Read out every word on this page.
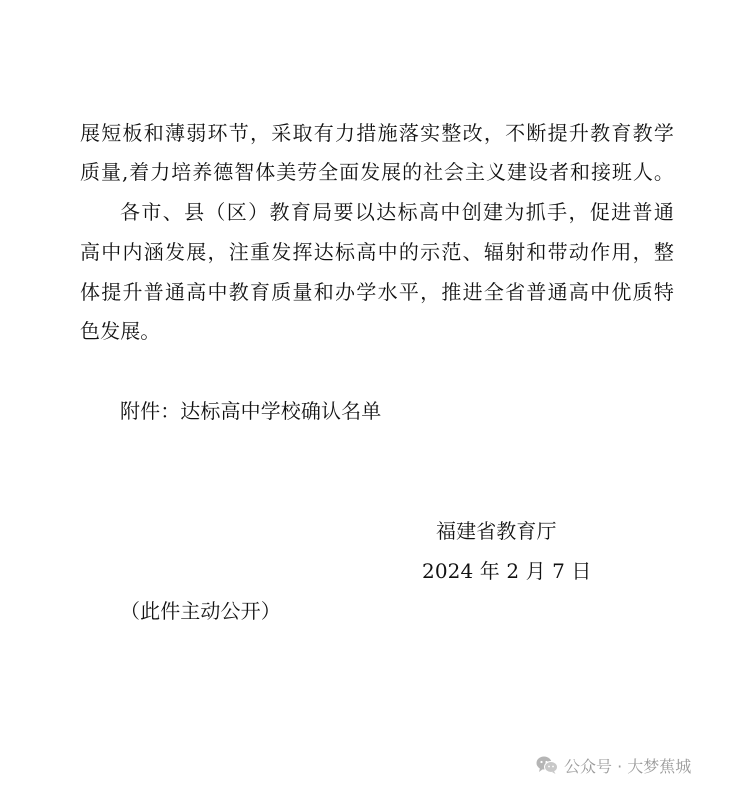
展短板和薄弱环节，采取有力措施落实整改，不断提升教育教学
质量,着力培养德智体美劳全面发展的社会主义建设者和接班人。
各市、县（区）教育局要以达标高中创建为抓手，促进普通
高中内涵发展，注重发挥达标高中的示范、辐射和带动作用，整
体提升普通高中教育质量和办学水平，推进全省普通高中优质特
色发展。
附件：达标高中学校确认名单
福建省教育厅
2024 年 2 月 7 日
（此件主动公开）
公众号 · 大梦蕉城
